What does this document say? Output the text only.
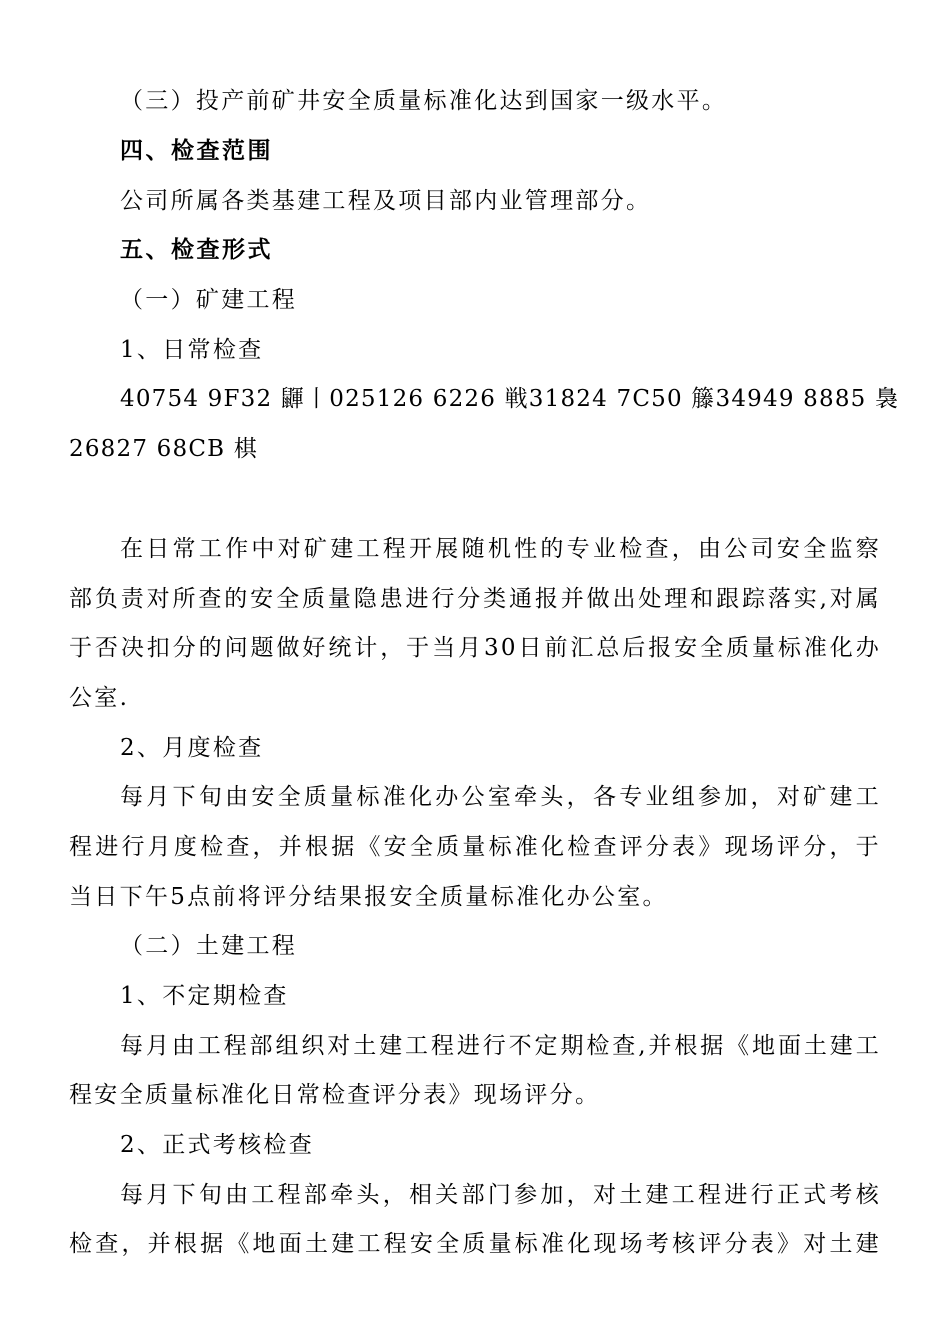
（三）投产前矿井安全质量标准化达到国家一级水平。
四、检查范围
公司所属各类基建工程及项目部内业管理部分。
五、检查形式
（一）矿建工程
1、日常检查
40754 9F32 鼲丨025126 6226 戦31824 7C50 籐34949 8885 裊
26827 68CB 棋
在日常工作中对矿建工程开展随机性的专业检查，由公司安全监察
部负责对所查的安全质量隐患进行分类通报并做出处理和跟踪落实,对属
于否决扣分的问题做好统计，于当月30日前汇总后报安全质量标准化办
公室.
2、月度检查
每月下旬由安全质量标准化办公室牵头，各专业组参加，对矿建工
程进行月度检查，并根据《安全质量标准化检查评分表》现场评分，于
当日下午5点前将评分结果报安全质量标准化办公室。
（二）土建工程
1、不定期检查
每月由工程部组织对土建工程进行不定期检查,并根据《地面土建工
程安全质量标准化日常检查评分表》现场评分。
2、正式考核检查
每月下旬由工程部牵头，相关部门参加，对土建工程进行正式考核
检查，并根据《地面土建工程安全质量标准化现场考核评分表》对土建
